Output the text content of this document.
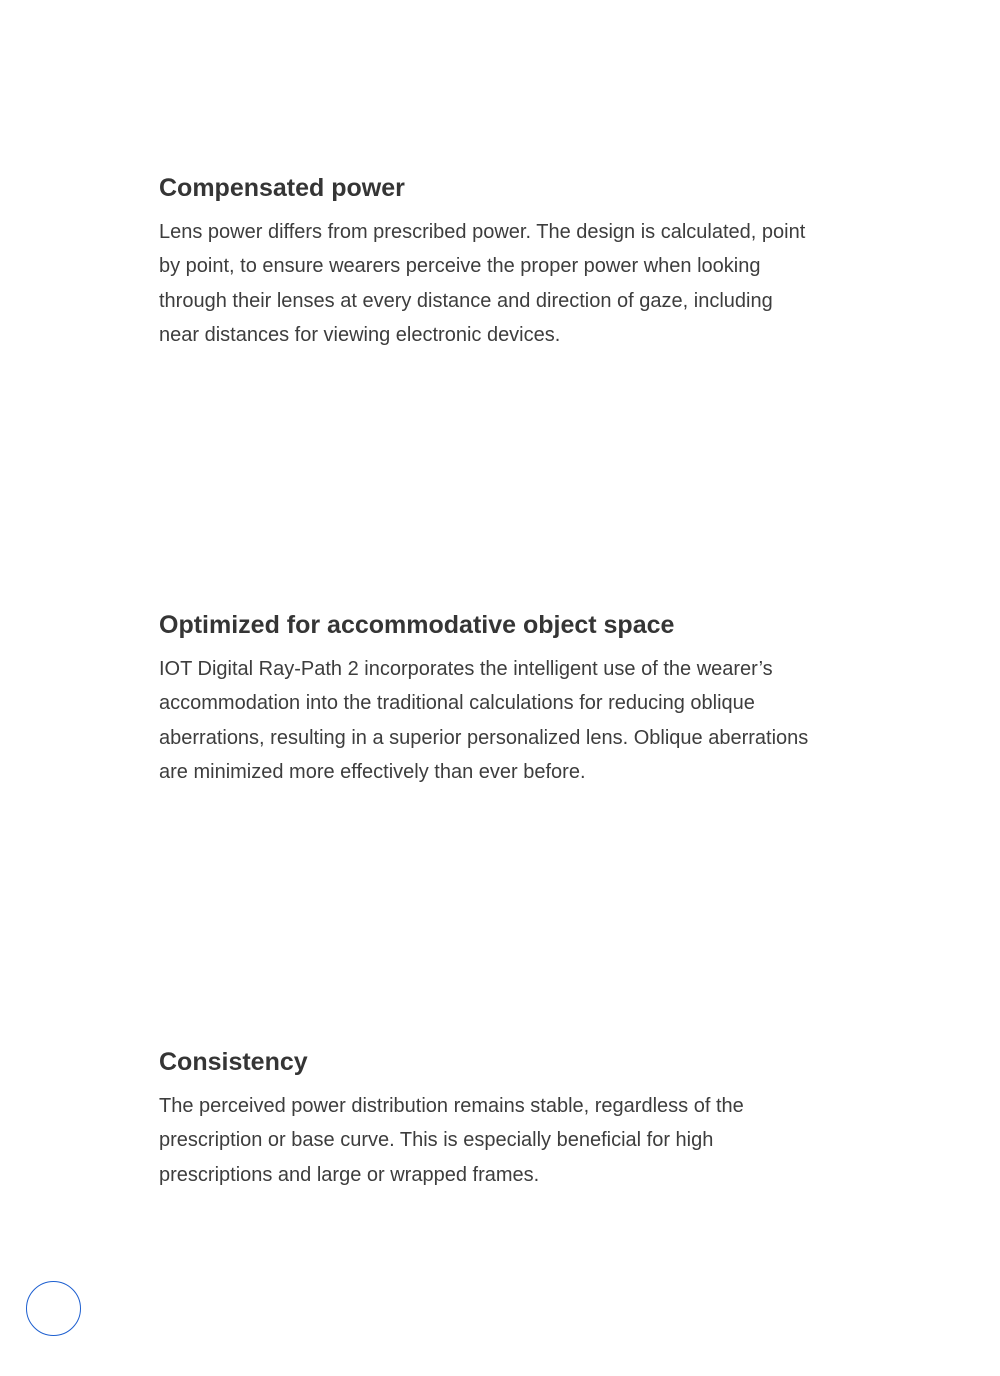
Compensated power

Lens power differs from prescribed power. The design is calculated, point
by point, to ensure wearers perceive the proper power when looking
through their lenses at every distance and direction of gaze, including
near distances for viewing electronic devices.

Optimized for accommodative object space

IOT Digital Ray-Path 2 incorporates the intelligent use of the wearer’s
accommodation into the traditional calculations for reducing oblique
aberrations, resulting in a superior personalized lens. Oblique aberrations
are minimized more effectively than ever before.

Consistency

The perceived power distribution remains stable, regardless of the
prescription or base curve. This is especially beneficial for high
prescriptions and large or wrapped frames.
